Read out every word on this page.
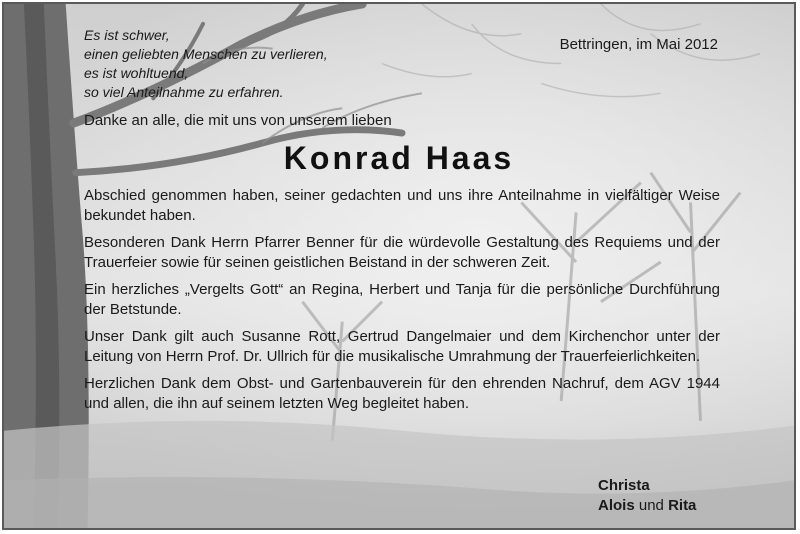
Es ist schwer,
einen geliebten Menschen zu verlieren,
es ist wohltuend,
so viel Anteilnahme zu erfahren.
Bettringen, im Mai 2012
Danke an alle, die mit uns von unserem lieben
Konrad Haas

Abschied genommen haben, seiner gedachten und uns ihre Anteilnahme in vielfältiger Weise bekundet haben.

Besonderen Dank Herrn Pfarrer Benner für die würdevolle Gestaltung des Requiems und der Trauerfeier sowie für seinen geistlichen Beistand in der schweren Zeit.

Ein herzliches „Vergelts Gott“ an Regina, Herbert und Tanja für die persönliche Durchführung der Betstunde.

Unser Dank gilt auch Susanne Rott, Gertrud Dangelmaier und dem Kirchenchor unter der Leitung von Herrn Prof. Dr. Ullrich für die musikalische Umrahmung der Trauerfeierlichkeiten.

Herzlichen Dank dem Obst- und Gartenbauverein für den ehrenden Nachruf, dem AGV 1944 und allen, die ihn auf seinem letzten Weg begleitet haben.

Christa
Alois und Rita
